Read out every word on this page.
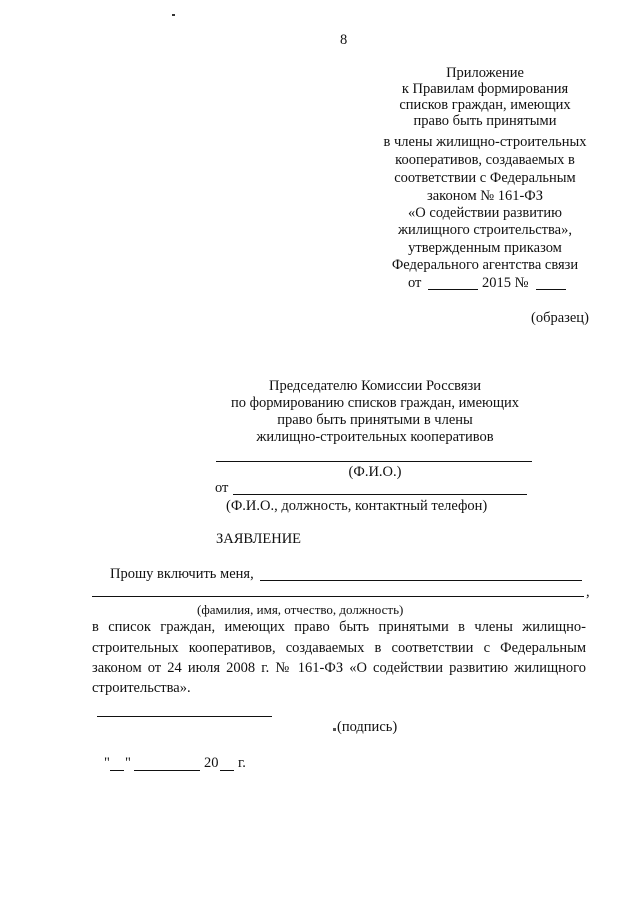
8
Приложение
к Правилам формирования
списков граждан, имеющих
право быть принятыми
в члены жилищно-строительных
кооперативов, создаваемых в
соответствии с Федеральным
законом № 161-ФЗ
«О содействии развитию
жилищного строительства»,
утвержденным приказом
Федерального агентства связи
от	2015 №
(образец)
Председателю Комиссии Россвязи
по формированию списков граждан, имеющих
право быть принятыми в члены
жилищно-строительных кооперативов
(Ф.И.О.)
от
(Ф.И.О., должность, контактный телефон)
ЗАЯВЛЕНИЕ
Прошу включить меня,
,
(фамилия, имя, отчество, должность)
в список граждан, имеющих право быть принятыми в члены жилищно-
строительных кооперативов, создаваемых в соответствии с Федеральным
законом от 24 июля 2008 г. № 161-ФЗ «О содействии развитию жилищного
строительства».
(подпись)
" "	20 г.
